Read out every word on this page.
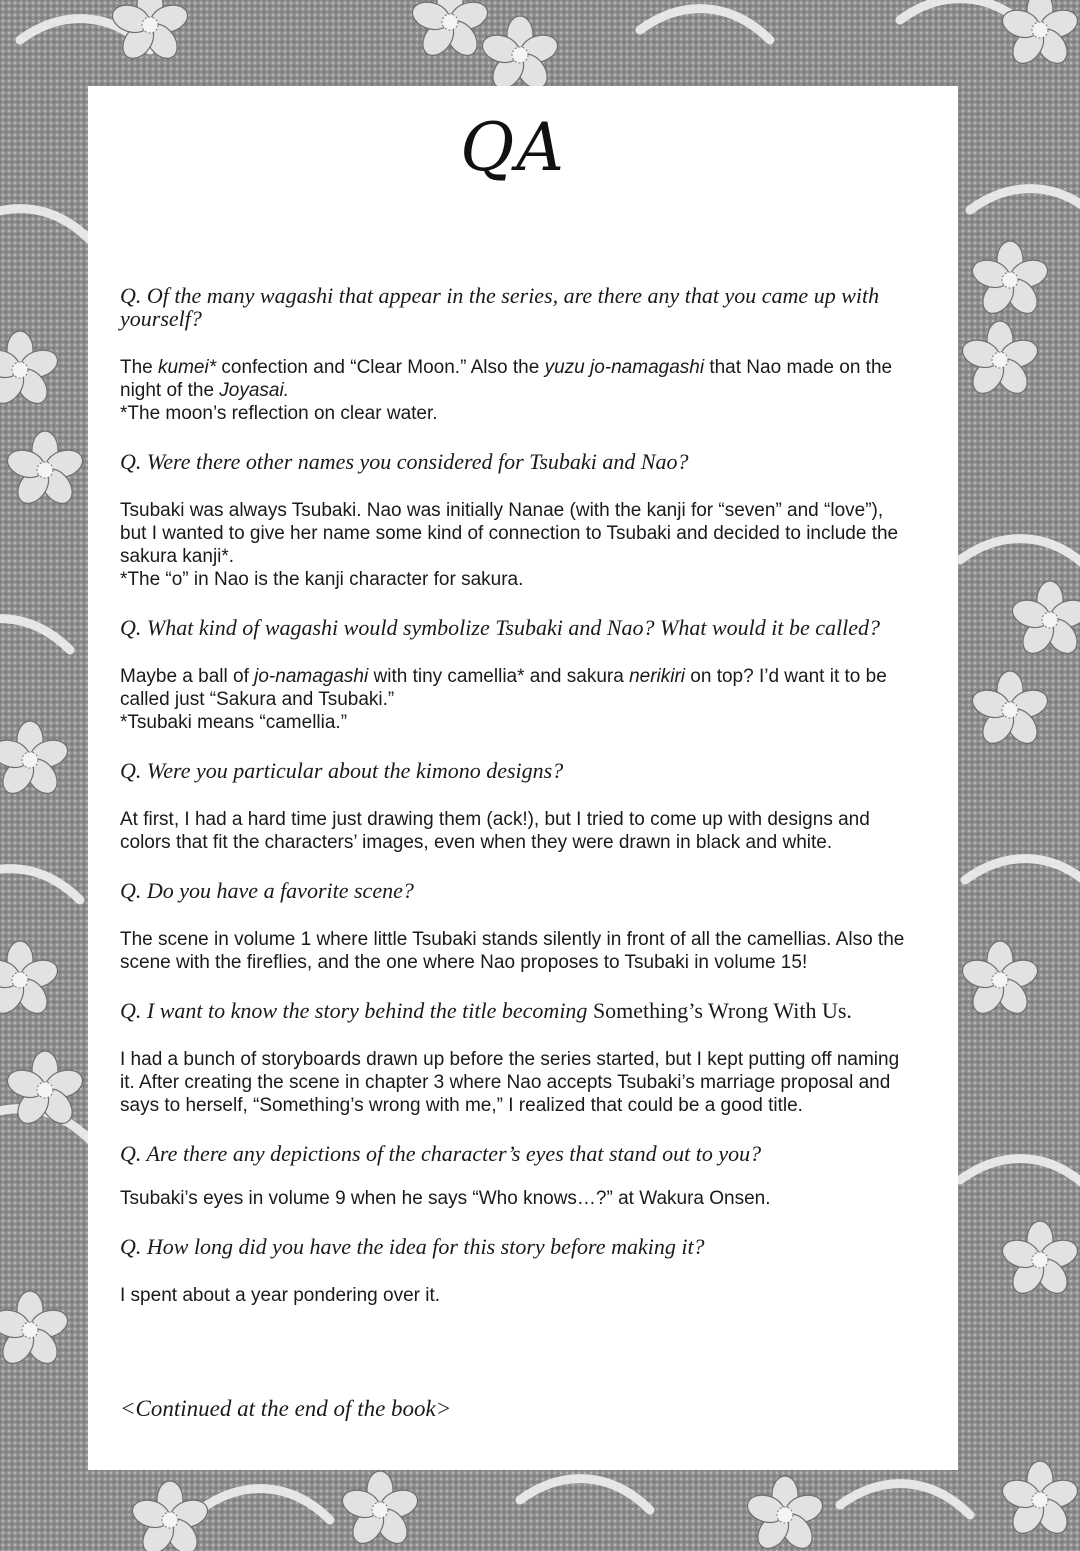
QA

Q. Of the many wagashi that appear in the series, are there any that you came up with yourself?

The kumei* confection and “Clear Moon.” Also the yuzu jo-namagashi that Nao made on the night of the Joyasai.
*The moon’s reflection on clear water.

Q. Were there other names you considered for Tsubaki and Nao?

Tsubaki was always Tsubaki. Nao was initially Nanae (with the kanji for “seven” and “love”), but I wanted to give her name some kind of connection to Tsubaki and decided to include the sakura kanji*.
*The “o” in Nao is the kanji character for sakura.

Q. What kind of wagashi would symbolize Tsubaki and Nao? What would it be called?

Maybe a ball of jo-namagashi with tiny camellia* and sakura nerikiri on top? I’d want it to be called just “Sakura and Tsubaki.”
*Tsubaki means “camellia.”

Q. Were you particular about the kimono designs?

At first, I had a hard time just drawing them (ack!), but I tried to come up with designs and colors that fit the characters’ images, even when they were drawn in black and white.

Q. Do you have a favorite scene?

The scene in volume 1 where little Tsubaki stands silently in front of all the camellias. Also the scene with the fireflies, and the one where Nao proposes to Tsubaki in volume 15!

Q. I want to know the story behind the title becoming Something’s Wrong With Us.

I had a bunch of storyboards drawn up before the series started, but I kept putting off naming it. After creating the scene in chapter 3 where Nao accepts Tsubaki’s marriage proposal and says to herself, “Something’s wrong with me,” I realized that could be a good title.

Q. Are there any depictions of the character’s eyes that stand out to you?

Tsubaki’s eyes in volume 9 when he says “Who knows…?” at Wakura Onsen.

Q. How long did you have the idea for this story before making it?

I spent about a year pondering over it.

<Continued at the end of the book>
